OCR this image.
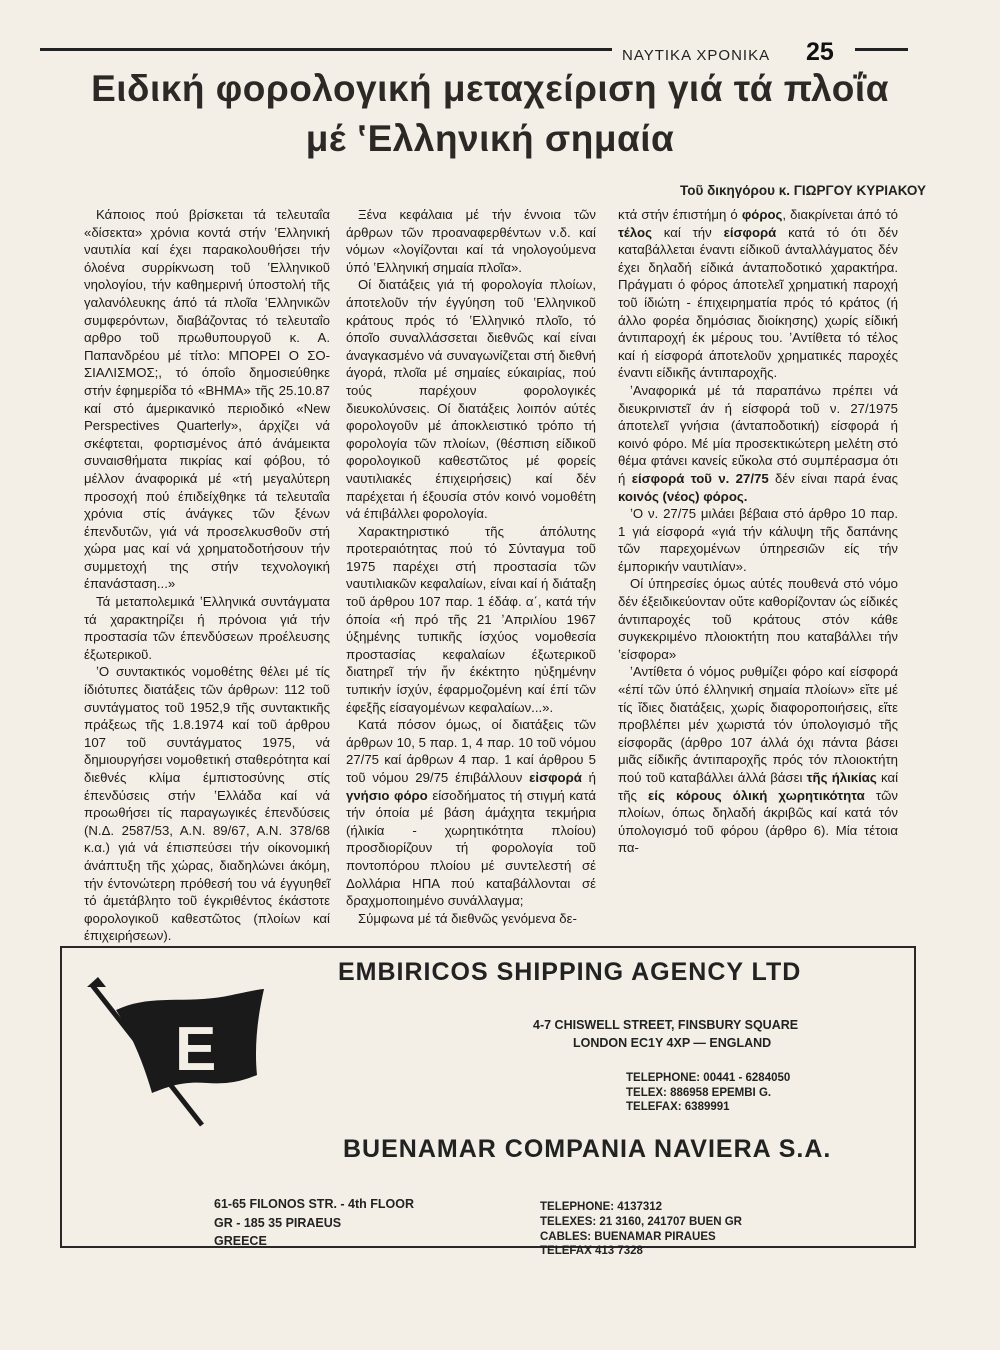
ΝΑΥΤΙΚΑ ΧΡΟΝΙΚΑ 25
Ειδική φορολογική μεταχείριση γιά τά πλοΐα
μέ ʽΕλληνική σημαία
Τοῦ δικηγόρου κ. ΓΙΩΡΓΟΥ ΚΥΡΙΑΚΟΥ

Κάποιος πού βρίσκεται τά τελευταΐα «δίσεκτα» χρόνια κοντά στήν ʽΕλληνική ναυτιλία καί έχει παρακολουθήσει τήν όλοένα συρρίκνωση τοῦ ʽΕλληνικοῦ νηολογίου, τήν καθημερινή ύποστολή τῆς γαλανόλευκης άπό τά πλοῖα ʽΕλληνικῶν συμφερόντων, διαβάζοντας τό τελευταΐο αρθρο τοῦ πρωθυπουργοῦ κ. Α. Παπανδρέου μέ τίτλο: ΜΠΟΡΕΙ Ο ΣΟ-ΣΙΑΛΙΣΜΟΣ;, τό όποΐο δημοσιεύθηκε στήν έφημερίδα τό «ΒΗΜΑ» τῆς 25.10.87 καί στό άμερικανικό περιοδικό «New Perspectives Quarterly», άρχίζει νά σκέφτεται, φορτισμένος άπό άνάμεικτα συναισθήματα πικρίας καί φόβου, τό μέλλον άναφορικά μέ «τή μεγαλύτερη προσοχή πού έπιδείχθηκε τά τελευταΐα χρόνια στίς άνάγκες τῶν ξένων έπενδυτῶν, γιά νά προσελκυσθοῦν στή χώρα μας καί νά χρηματοδοτήσουν τήν συμμετοχή της στήν τεχνολογική έπανάσταση...»

Τά μεταπολεμικά ʽΕλληνικά συντάγματα τά χαρακτηρίζει ή πρόνοια γιά τήν προστασία τῶν έπενδύσεων προέλευσης έξωτερικοῦ.

ʽΟ συντακτικός νομοθέτης θέλει μέ τίς ίδιότυπες διατάξεις τῶν άρθρων: 112 τοῦ συντάγματος τοῦ 1952,9 τῆς συντακτικῆς πράξεως τῆς 1.8.1974 καί τοῦ άρθρου 107 τοῦ συντάγματος 1975, νά δημιουργήσει νομοθετική σταθερότητα καί διεθνές κλίμα έμπιστοσύνης στίς έπενδύσεις στήν ʽΕλλάδα καί νά προωθήσει τίς παραγωγικές έπενδύσεις (Ν.Δ. 2587/53, Α.Ν. 89/67, Α.Ν. 378/68 κ.α.) γιά νά έπισπεύσει τήν οίκονομική άνάπτυξη τῆς χώρας, διαδηλώνει άκόμη, τήν έντονώτερη πρόθεσή του νά έγγυηθεῖ τό άμετάβλητο τοῦ έγκριθέντος έκάστοτε φορολογικοῦ καθεστῶτος (πλοίων καί έπιχειρήσεων).

Ξένα κεφάλαια μέ τήν έννοια τῶν άρθρων τῶν προαναφερθέντων ν.δ. καί νόμων «λογίζονται καί τά νηολογούμενα ύπό ʽΕλληνική σημαία πλοῖα».

Οί διατάξεις γιά τή φορολογία πλοίων, άποτελοῦν τήν έγγύηση τοῦ ʽΕλληνικοῦ κράτους πρός τό ʽΕλληνικό πλοῖο, τό όποῖο συναλλάσσεται διεθνῶς καί είναι άναγκασμένο νά συναγωνίζεται στή διεθνή άγορά, πλοῖα μέ σημαίες εύκαιρίας, πού τούς παρέχουν φορολογικές διευκολύνσεις. Οί διατάξεις λοιπόν αύτές φορολογοῦν μέ άποκλειστικό τρόπο τή φορολογία τῶν πλοίων, (θέσπιση είδικοῦ φορολογικοῦ καθεστῶτος μέ φορείς ναυτιλιακές έπιχειρήσεις) καί δέν παρέχεται ή έξουσία στόν κοινό νομοθέτη νά έπιβάλλει φορολογία.

Χαρακτηριστικό τῆς άπόλυτης προτεραιότητας πού τό Σύνταγμα τοῦ 1975 παρέχει στή προστασία τῶν ναυτιλιακῶν κεφαλαίων, είναι καί ή διάταξη τοῦ άρθρου 107 παρ. 1 έδάφ. α΄, κατά τήν όποία «ή πρό τῆς 21 ʼΑπριλίου 1967 ύξημένης τυπικῆς ίσχύος νομοθεσία προστασίας κεφαλαίων έξωτερικοῦ διατηρεῖ τήν ἤν έκέκτητο ηὐξημένην τυπικήν ίσχύν, έφαρμοζομένη καί έπί τῶν έφεξῆς είσαγομένων κεφαλαίων...».

Κατά πόσον όμως, οί διατάξεις τῶν άρθρων 10, 5 παρ. 1, 4 παρ. 10 τοῦ νόμου 27/75 καί άρθρων 4 παρ. 1 καί άρθρου 5 τοῦ νόμου 29/75 έπιβάλλουν εἰσφορά ή γνήσιο φόρο είσοδήματος τή στιγμή κατά τήν όποία μέ βάση άμάχητα τεκμήρια (ήλικία - χωρητικότητα πλοίου) προσδιορίζουν τή φορολογία τοῦ ποντοπόρου πλοίου μέ συντελεστή σέ Δολλάρια ΗΠΑ πού καταβάλλονται σέ δραχμοποιημένο συνάλλαγμα;

Σύμφωνα μέ τά διεθνῶς γενόμενα δε-

κτά στήν έπιστήμη ό φόρος, διακρίνεται άπό τό τέλος καί τήν είσφορά κατά τό ότι δέν καταβάλλεται έναντι είδικοῦ άνταλλάγματος δέν έχει δηλαδή είδικά άνταποδοτικό χαρακτήρα. Πράγματι ό φόρος άποτελεῖ χρηματική παροχή τοῦ ίδιώτη - έπιχειρηματία πρός τό κράτος (ή άλλο φορέα δημόσιας διοίκησης) χωρίς είδική άντιπαροχή έκ μέρους του. ʼΑντίθετα τό τέλος καί ή είσφορά άποτελοῦν χρηματικές παροχές έναντι είδικῆς άντιπαροχῆς.

ʼΑναφορικά μέ τά παραπάνω πρέπει νά διευκρινιστεῖ άν ή είσφορά τοῦ ν. 27/1975 άποτελεῖ γνήσια (άνταποδοτική) είσφορά ή κοινό φόρο. Μέ μία προσεκτικώτερη μελέτη στό θέμα φτάνει κανείς εὔκολα στό συμπέρασμα ότι ή είσφορά τοῦ ν. 27/75 δέν είναι παρά ένας κοινός (νέος) φόρος.

ʽΟ ν. 27/75 μιλάει βέβαια στό άρθρο 10 παρ. 1 γιά είσφορά «γιά τήν κάλυψη τῆς δαπάνης τῶν παρεχομένων ύπηρεσιῶν είς τήν έμπορικήν ναυτιλίαν».

Οί ύπηρεσίες όμως αύτές πουθενά στό νόμο δέν έξειδικεύονταν οὔτε καθορίζονταν ώς είδικές άντιπαροχές τοῦ κράτους στόν κάθε συγκεκριμένο πλοιοκτήτη που καταβάλλει τήν ʽείσφορα»

ʼΑντίθετα ό νόμος ρυθμίζει φόρο καί είσφορά «έπί τῶν ύπό έλληνική σημαία πλοίων» εἴτε μέ τίς ἴδιες διατάξεις, χωρίς διαφοροποιήσεις, εἴτε προβλέπει μέν χωριστά τόν ύπολογισμό τῆς είσφορᾶς (άρθρο 107 άλλά όχι πάντα βάσει μιᾶς είδικῆς άντιπαροχῆς πρός τόν πλοιοκτήτη πού τοῦ καταβάλλει άλλά βάσει τῆς ήλικίας καί τῆς είς κόρους όλική χωρητικότητα τῶν πλοίων, όπως δηλαδή άκριβῶς καί κατά τόν ύπολογισμό τοῦ φόρου (άρθρο 6). Μία τέτοια πα-

E
EMBIRICOS SHIPPING AGENCY LTD
4-7 CHISWELL STREET, FINSBURY SQUARE
LONDON EC1Y 4XP — ENGLAND
TELEPHONE: 00441 - 6284050
TELEX: 886958 EPEMBI G.
TELEFAX: 6389991
BUENAMAR COMPANIA NAVIERA S.A.
61-65 FILONOS STR. - 4th FLOOR
GR - 185 35 PIRAEUS
GREECE
TELEPHONE: 4137312
TELEXES: 21 3160, 241707 BUEN GR
CABLES: BUENAMAR PIRAUES
TELEFAX 413 7328
